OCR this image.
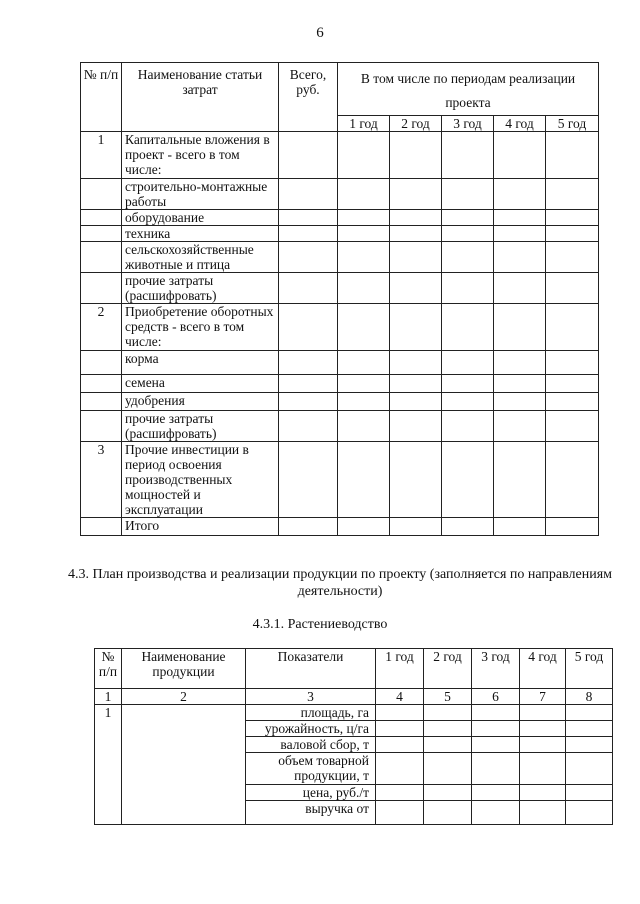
6
№ п/п	Наименование статьи затрат	Всего, руб.	В том числе по периодам реализации проекта				
			1 год	2 год	3 год	4 год	5 год
1	Капитальные вложения в проект - всего в том числе:						
	строительно-монтажные работы						
	оборудование						
	техника						
	сельскохозяйственные животные и птица						
	прочие затраты (расшифровать)						
2	Приобретение оборотных средств - всего в том числе:						
	корма						
	семена						
	удобрения						
	прочие затраты (расшифровать)						
3	Прочие инвестиции в период освоения производственных мощностей и эксплуатации						
	Итого						
4.3. План производства и реализации продукции по проекту (заполняется по направлениям деятельности)
4.3.1. Растениеводство
№ п/п	Наименование продукции	Показатели	1 год	2 год	3 год	4 год	5 год
1	2	3	4	5	6	7	8
1		площадь, га					
		урожайность, ц/га					
		валовой сбор, т					
		объем товарной продукции, т					
		цена, руб./т					
		выручка от					
